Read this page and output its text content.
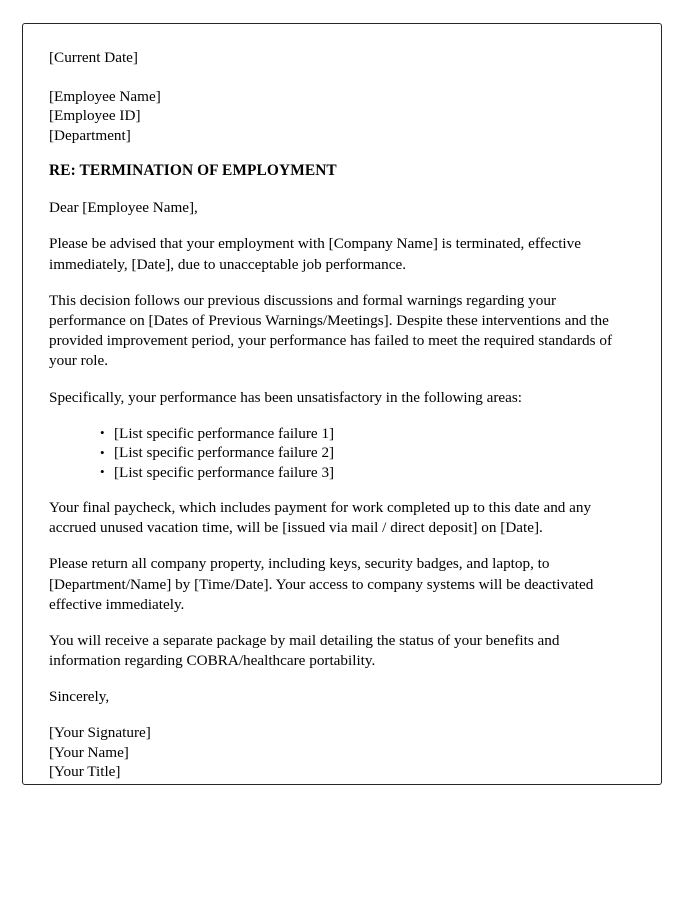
[Current Date]
[Employee Name]
[Employee ID]
[Department]
RE: TERMINATION OF EMPLOYMENT
Dear [Employee Name],

Please be advised that your employment with [Company Name] is terminated, effective immediately, [Date], due to unacceptable job performance.

This decision follows our previous discussions and formal warnings regarding your performance on [Dates of Previous Warnings/Meetings]. Despite these interventions and the provided improvement period, your performance has failed to meet the required standards of your role.

Specifically, your performance has been unsatisfactory in the following areas:

• [List specific performance failure 1]
• [List specific performance failure 2]
• [List specific performance failure 3]

Your final paycheck, which includes payment for work completed up to this date and any accrued unused vacation time, will be [issued via mail / direct deposit] on [Date].

Please return all company property, including keys, security badges, and laptop, to [Department/Name] by [Time/Date]. Your access to company systems will be deactivated effective immediately.

You will receive a separate package by mail detailing the status of your benefits and information regarding COBRA/healthcare portability.

Sincerely,
[Your Signature]
[Your Name]
[Your Title]
